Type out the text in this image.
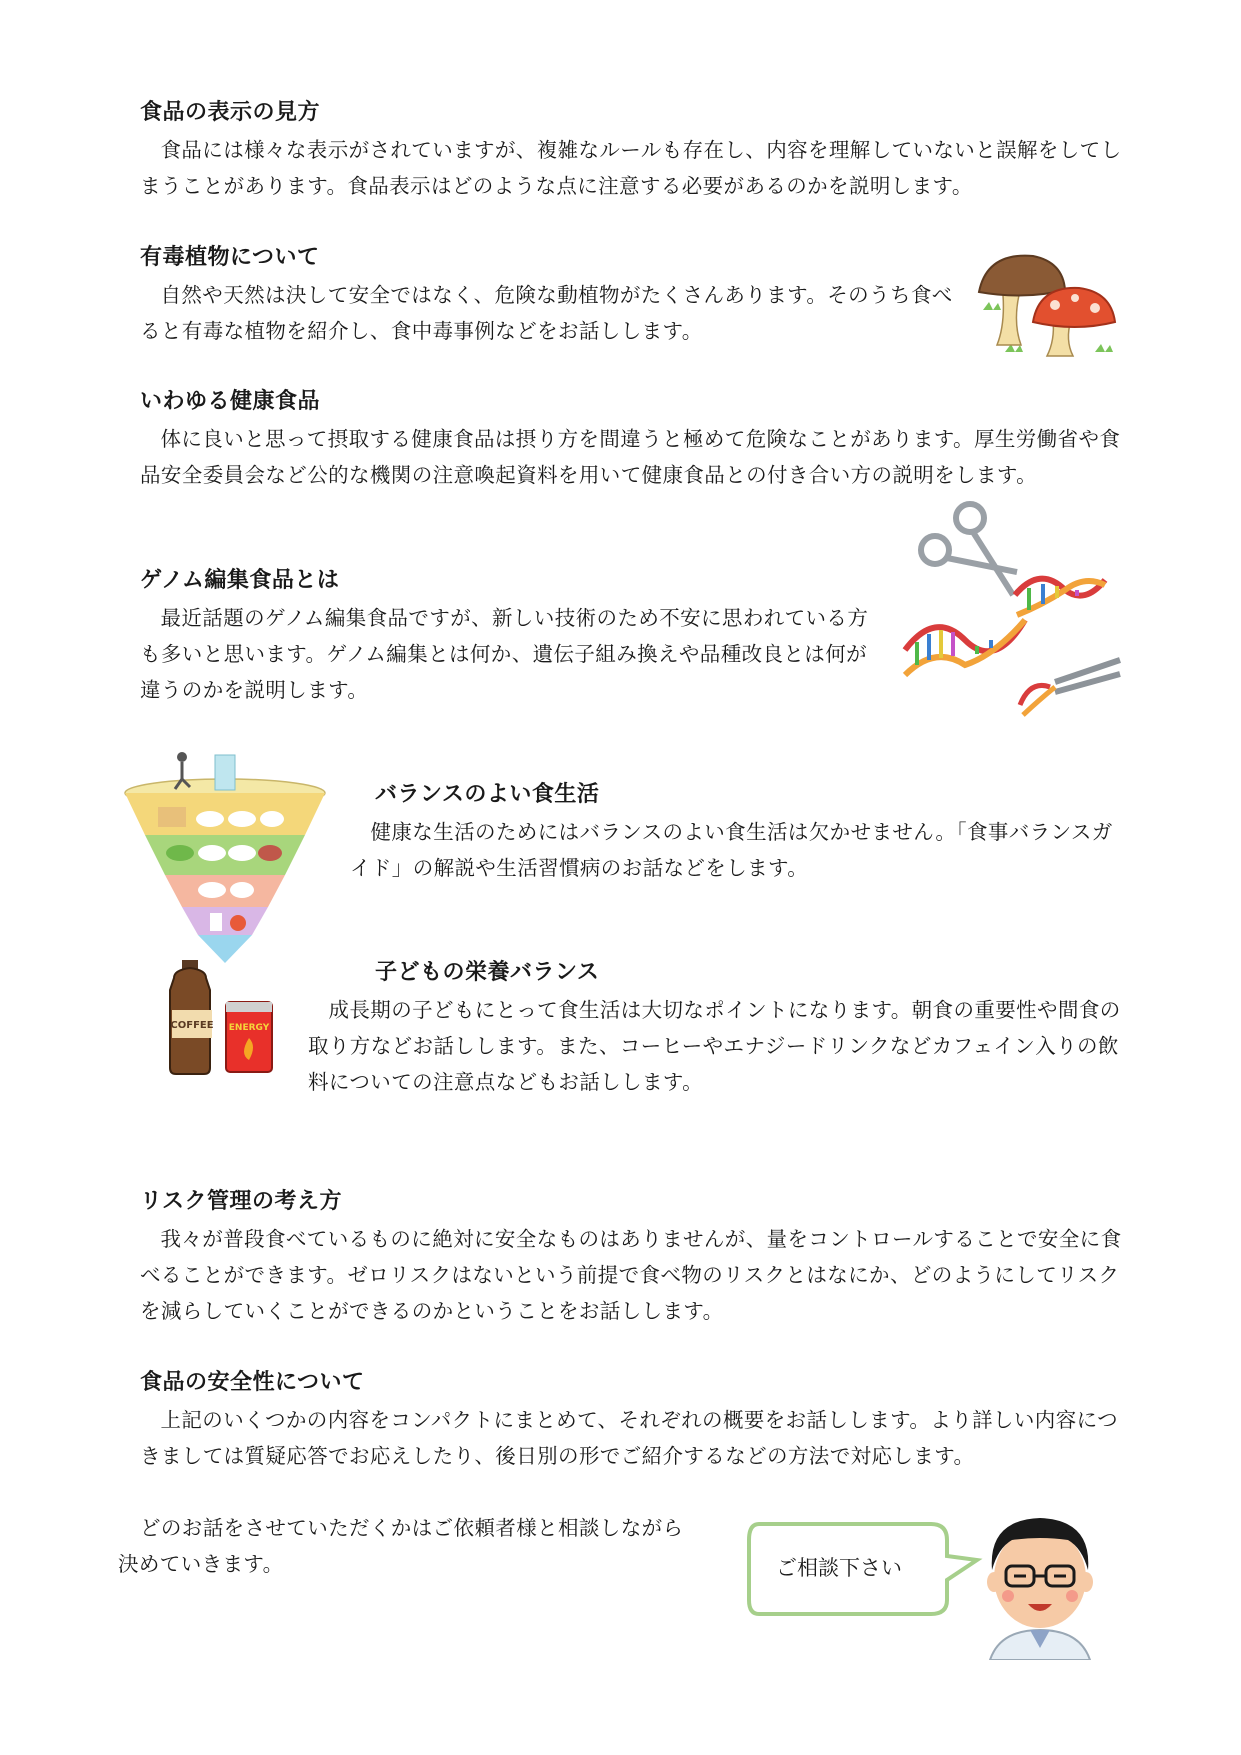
食品の表示の見方

食品には様々な表示がされていますが、複雑なルールも存在し、内容を理解していないと誤解をしてしまうことがあります。食品表示はどのような点に注意する必要があるのかを説明します。

有毒植物について

自然や天然は決して安全ではなく、危険な動植物がたくさんあります。そのうち食べると有毒な植物を紹介し、食中毒事例などをお話しします。

いわゆる健康食品

体に良いと思って摂取する健康食品は摂り方を間違うと極めて危険なことがあります。厚生労働省や食品安全委員会など公的な機関の注意喚起資料を用いて健康食品との付き合い方の説明をします。

ゲノム編集食品とは

最近話題のゲノム編集食品ですが、新しい技術のため不安に思われている方も多いと思います。ゲノム編集とは何か、遺伝子組み換えや品種改良とは何が違うのかを説明します。

バランスのよい食生活

健康な生活のためにはバランスのよい食生活は欠かせません。「食事バランスガイド」の解説や生活習慣病のお話などをします。

COFFEE ENERGY
子どもの栄養バランス

成長期の子どもにとって食生活は大切なポイントになります。朝食の重要性や間食の取り方などお話しします。また、コーヒーやエナジードリンクなどカフェイン入りの飲料についての注意点などもお話しします。

リスク管理の考え方

我々が普段食べているものに絶対に安全なものはありませんが、量をコントロールすることで安全に食べることができます。ゼロリスクはないという前提で食べ物のリスクとはなにか、どのようにしてリスクを減らしていくことができるのかということをお話しします。

食品の安全性について

上記のいくつかの内容をコンパクトにまとめて、それぞれの概要をお話しします。より詳しい内容につきましては質疑応答でお応えしたり、後日別の形でご紹介するなどの方法で対応します。

どのお話をさせていただくかはご依頼者様と相談しながら

決めていきます。	ご相談下さい
